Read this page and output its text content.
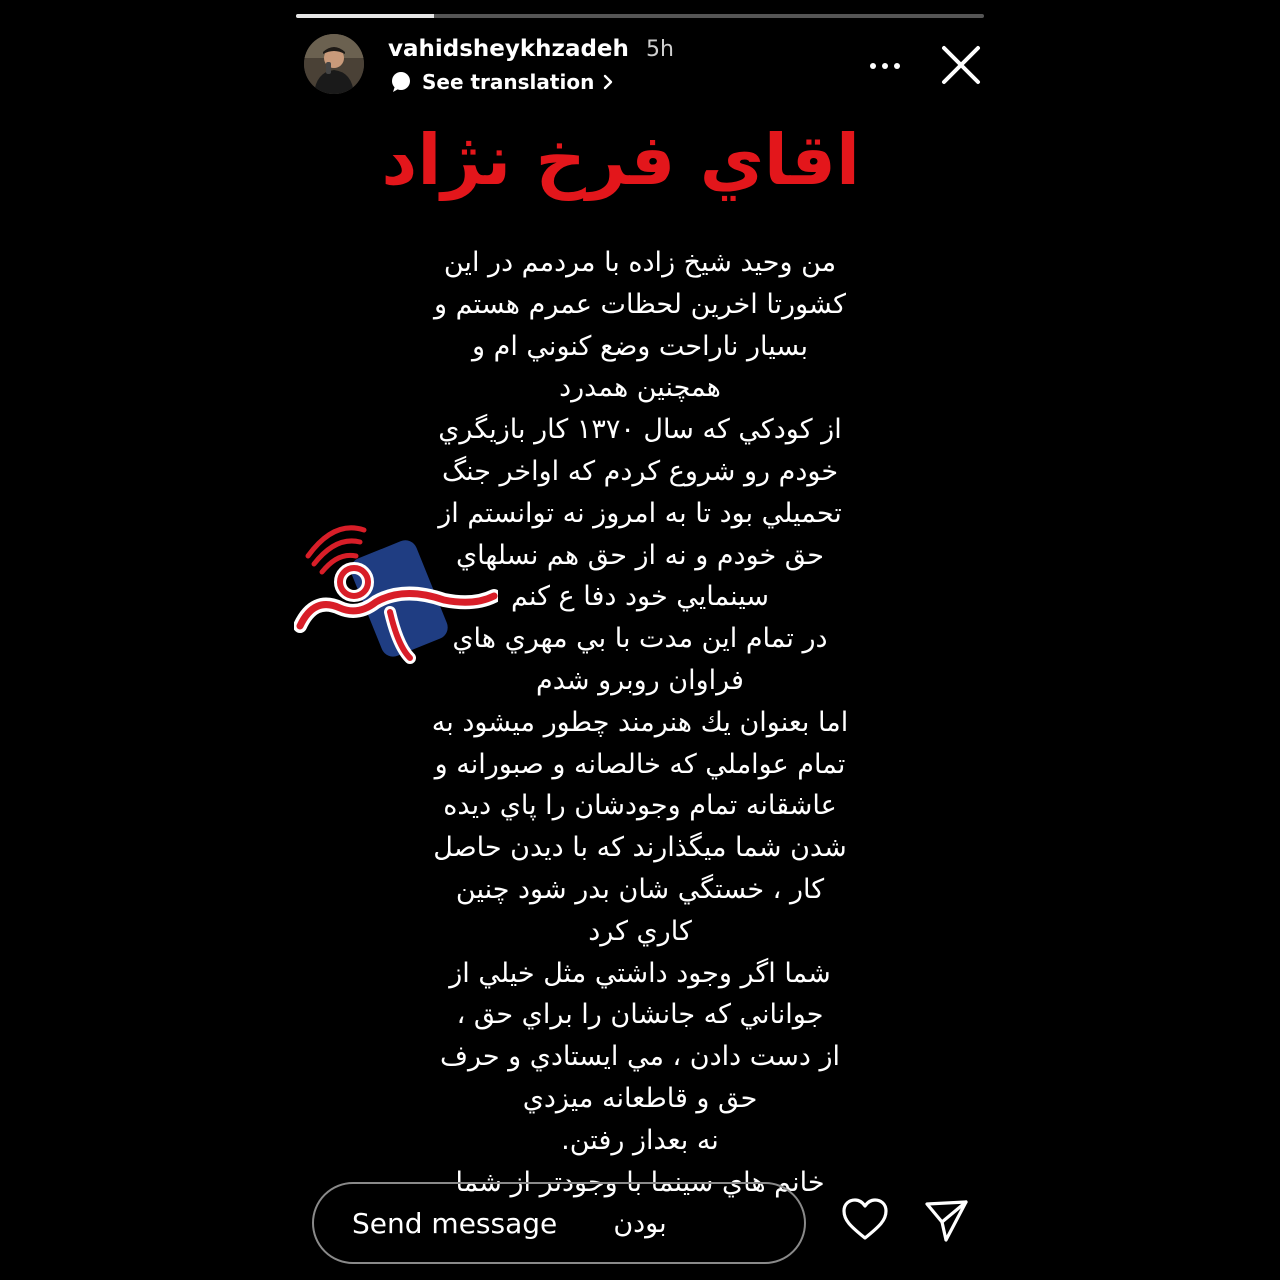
vahidsheykhzadeh 5h
See translation
اقاي فرخ نژاد
من وحيد شيخ زاده با مردمم در اين
كشورتا اخرين لحظات عمرم هستم و
بسيار ناراحت وضع كنوني ام و
همچنين همدرد
از كودكي كه سال ١٣٧٠ كار بازيگري
خودم رو شروع كردم كه اواخر جنگ
تحميلي بود تا به امروز نه توانستم از
حق خودم و نه از حق هم نسلهاي
سينمايي خود دفا ع كنم
در تمام اين مدت با بي مهري هاي
فراوان روبرو شدم
اما بعنوان يك هنرمند چطور ميشود به
تمام عواملي كه خالصانه و صبورانه و
عاشقانه تمام وجودشان را پاي ديده
شدن شما ميگذارند كه با ديدن حاصل
كار ، خستگي شان بدر شود چنين
كاري كرد
شما اگر وجود داشتي مثل خيلي از
جواناني كه جانشان را براي حق ،
از دست دادن ، مي ايستادي و حرف
حق و قاطعانه ميزدي
نه بعداز رفتن.
خانم هاي سينما با وجودتر از شما
بودن
Send message
